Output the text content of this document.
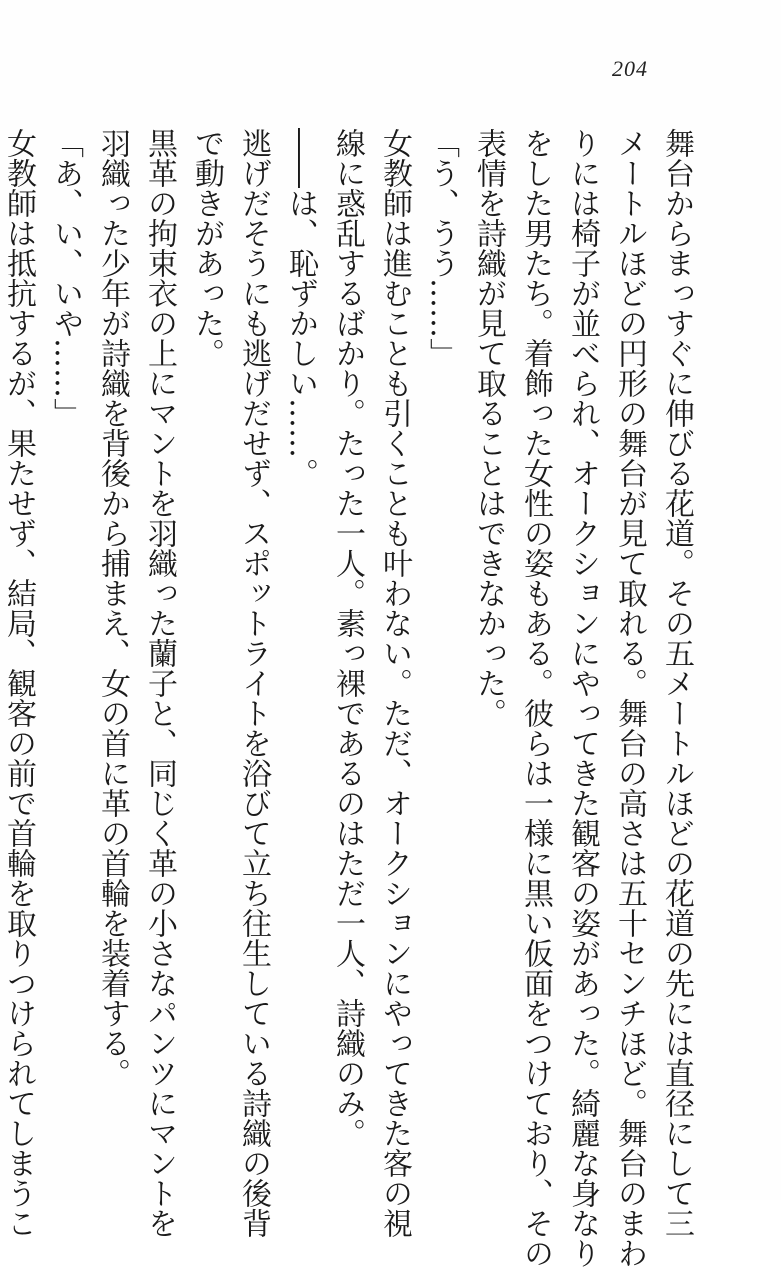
204
舞台からまっすぐに伸びる花道。その五メートルほどの花道の先には直径にして三
メートルほどの円形の舞台が見て取れる。舞台の高さは五十センチほど。舞台のまわ
りには椅子が並べられ、オークションにやってきた観客の姿があった。綺麗な身なり
をした男たち。着飾った女性の姿もある。彼らは一様に黒い仮面をつけており、その
表情を詩織が見て取ることはできなかった。
「う、うう……」
女教師は進むことも引くことも叶わない。ただ、オークションにやってきた客の視
線に惑乱するばかり。たった一人。素っ裸であるのはただ一人、詩織のみ。
――は、恥ずかしい……。
逃げだそうにも逃げだせず、スポットライトを浴びて立ち往生している詩織の後背
で動きがあった。
黒革の拘束衣の上にマントを羽織った蘭子と、同じく革の小さなパンツにマントを
羽織った少年が詩織を背後から捕まえ、女の首に革の首輪を装着する。
「あ、い、いや……」
女教師は抵抗するが、果たせず、結局、観客の前で首輪を取りつけられてしまうこ
